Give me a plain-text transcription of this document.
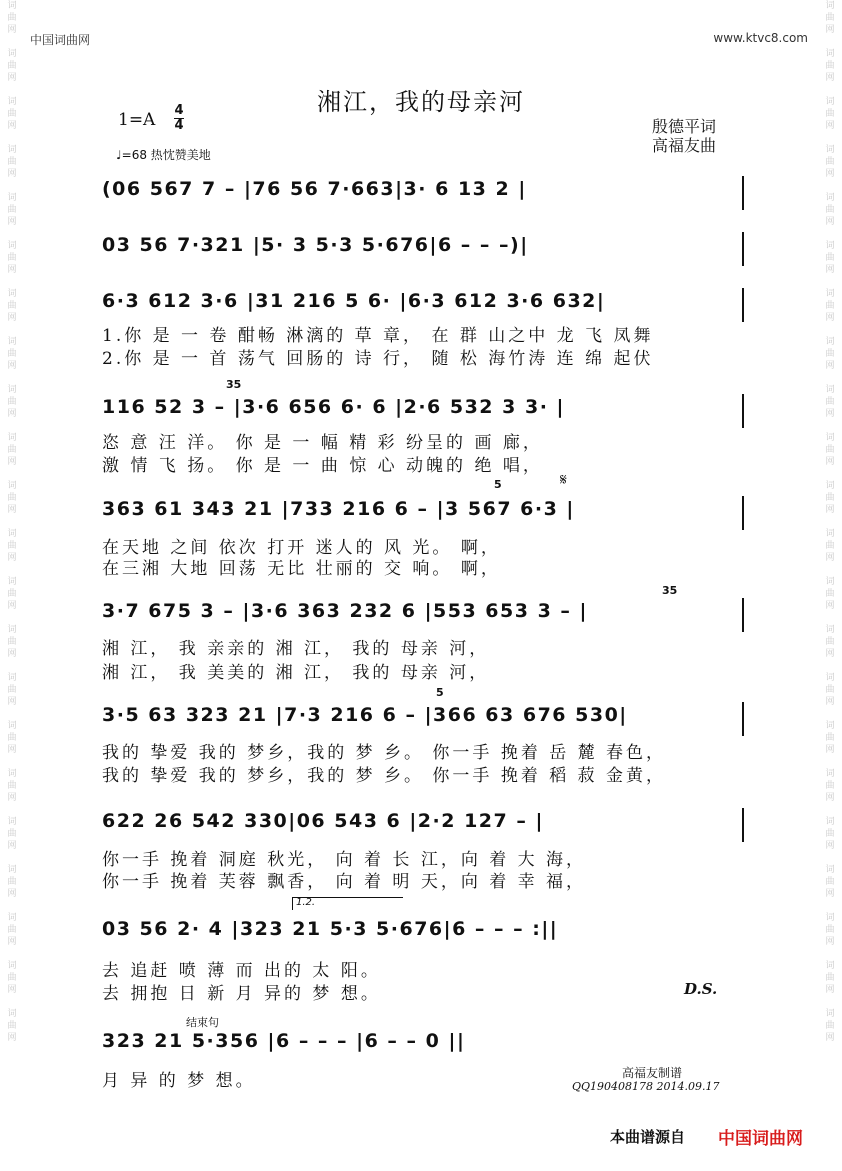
词
曲
网

词
曲
网

词
曲
网

词
曲
网

词
曲
网

词
曲
网

词
曲
网

词
曲
网

词
曲
网

词
曲
网

词
曲
网

词
曲
网

词
曲
网

词
曲
网

词
曲
网

词
曲
网

词
曲
网

词
曲
网

词
曲
网

词
曲
网

词
曲
网

词
曲
网

词
曲
网

词
曲
网

词
曲
网

词
曲
网

词
曲
网

词
曲
网

词
曲
网

词
曲
网

词
曲
网

词
曲
网

词
曲
网

词
曲
网

词
曲
网

词
曲
网

词
曲
网

词
曲
网

词
曲
网

词
曲
网

词
曲
网

词
曲
网

词
曲
网

词
曲
网

中国词曲网	www.ktvc8.com
湘江，我的母亲河
1=A 4
4
♩=68 热忱赞美地
殷德平词
高福友曲
(06 567 7 – |76 56 7·663|3· 6 13 2 |
03 56 7·321 |5· 3 5·3 5·676|6 – – –)|
6·3 612 3·6 |31 216 5 6· |6·3 612 3·6 632|
1.你 是 一 卷 酣畅 淋漓的 草 章， 在 群 山之中 龙 飞 凤舞
2.你 是 一 首 荡气 回肠的 诗 行， 随 松 海竹涛 连 绵 起伏
116 52 3 – |3·6 656 6· 6 |2·6 532 3 3· |
35
恣 意 汪 洋。 你 是 一 幅 精 彩 纷呈的 画 廊，
激 情 飞 扬。 你 是 一 曲 惊 心 动魄的 绝 唱，
363 61 343 21 |733 216 6 – |3 567 6·3 |
5	𝄋
在天地 之间 依次 打开 迷人的 风 光。 啊，
在三湘 大地 回荡 无比 壮丽的 交 响。 啊，
3·7 675 3 – |3·6 363 232 6 |553 653 3 – |
35
湘 江， 我 亲亲的 湘 江， 我的 母亲 河，
湘 江， 我 美美的 湘 江， 我的 母亲 河，
3·5 63 323 21 |7·3 216 6 – |366 63 676 530|
5
我的 挚爱 我的 梦乡，我的 梦 乡。 你一手 挽着 岳 麓 春色，
我的 挚爱 我的 梦乡，我的 梦 乡。 你一手 挽着 稻 菽 金黄，
622 26 542 330|06 543 6 |2·2 127 – |
你一手 挽着 洞庭 秋光， 向 着 长 江，向 着 大 海，
你一手 挽着 芙蓉 飘香， 向 着 明 天，向 着 幸 福，
1.2.
03 56 2· 4 |323 21 5·3 5·676|6 – – – :||
去 追赶 喷 薄 而 出的 太 阳。
去 拥抱 日 新 月 异的 梦 想。	D.S.
结束句
323 21 5·356 |6 – – – |6 – – 0 ||
月 异 的 梦 想。	高福友制谱
QQ190408178 2014.09.17
本曲谱源自 中国词曲网
